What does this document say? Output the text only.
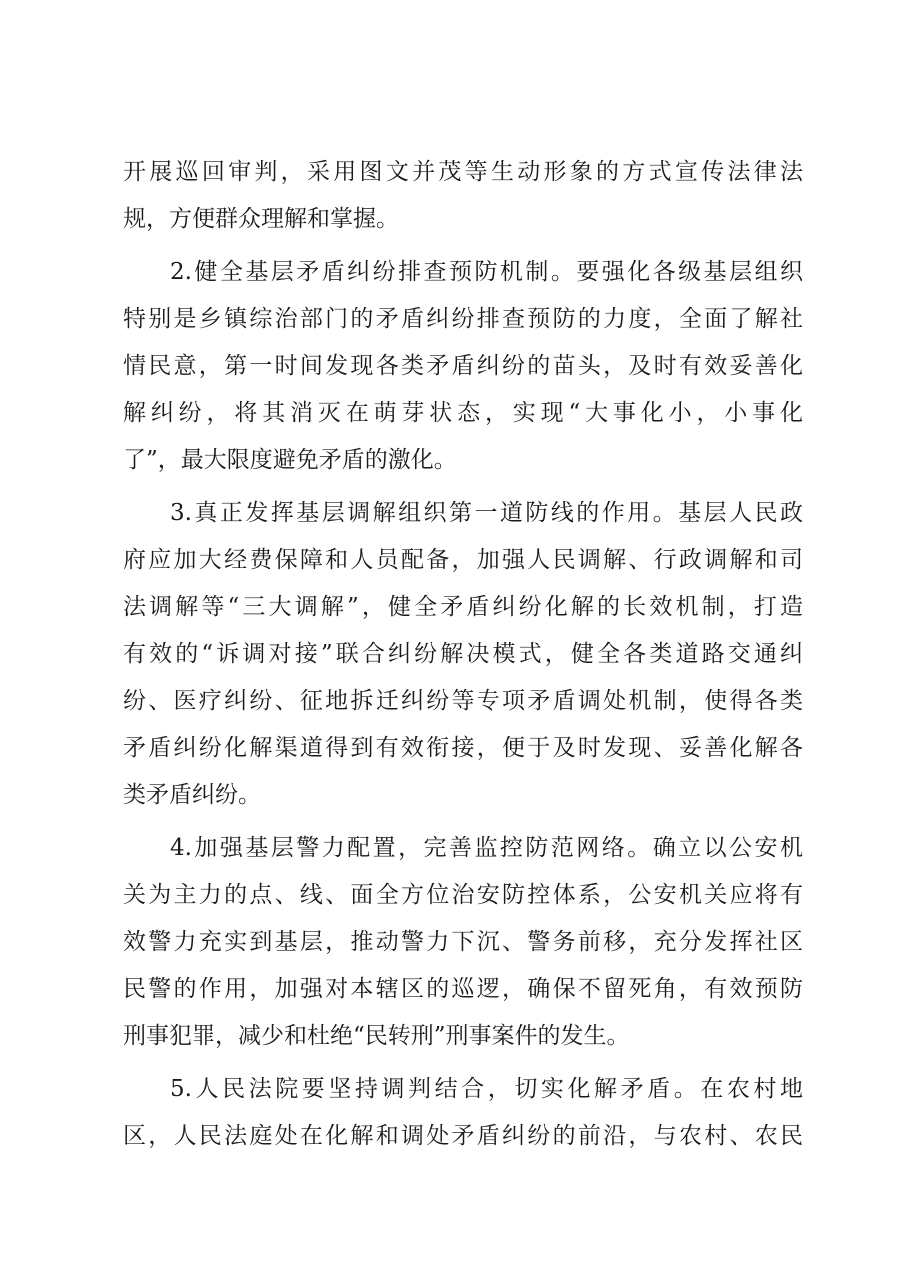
开展巡回审判，采用图文并茂等生动形象的方式宣传法律法
规，方便群众理解和掌握。
2.健全基层矛盾纠纷排查预防机制。要强化各级基层组织
特别是乡镇综治部门的矛盾纠纷排查预防的力度，全面了解社
情民意，第一时间发现各类矛盾纠纷的苗头，及时有效妥善化
解纠纷，将其消灭在萌芽状态，实现“大事化小，小事化
了”，最大限度避免矛盾的激化。
3.真正发挥基层调解组织第一道防线的作用。基层人民政
府应加大经费保障和人员配备，加强人民调解、行政调解和司
法调解等“三大调解”，健全矛盾纠纷化解的长效机制，打造
有效的“诉调对接”联合纠纷解决模式，健全各类道路交通纠
纷、医疗纠纷、征地拆迁纠纷等专项矛盾调处机制，使得各类
矛盾纠纷化解渠道得到有效衔接，便于及时发现、妥善化解各
类矛盾纠纷。
4.加强基层警力配置，完善监控防范网络。确立以公安机
关为主力的点、线、面全方位治安防控体系，公安机关应将有
效警力充实到基层，推动警力下沉、警务前移，充分发挥社区
民警的作用，加强对本辖区的巡逻，确保不留死角，有效预防
刑事犯罪，减少和杜绝“民转刑”刑事案件的发生。
5.人民法院要坚持调判结合，切实化解矛盾。在农村地
区，人民法庭处在化解和调处矛盾纠纷的前沿，与农村、农民
